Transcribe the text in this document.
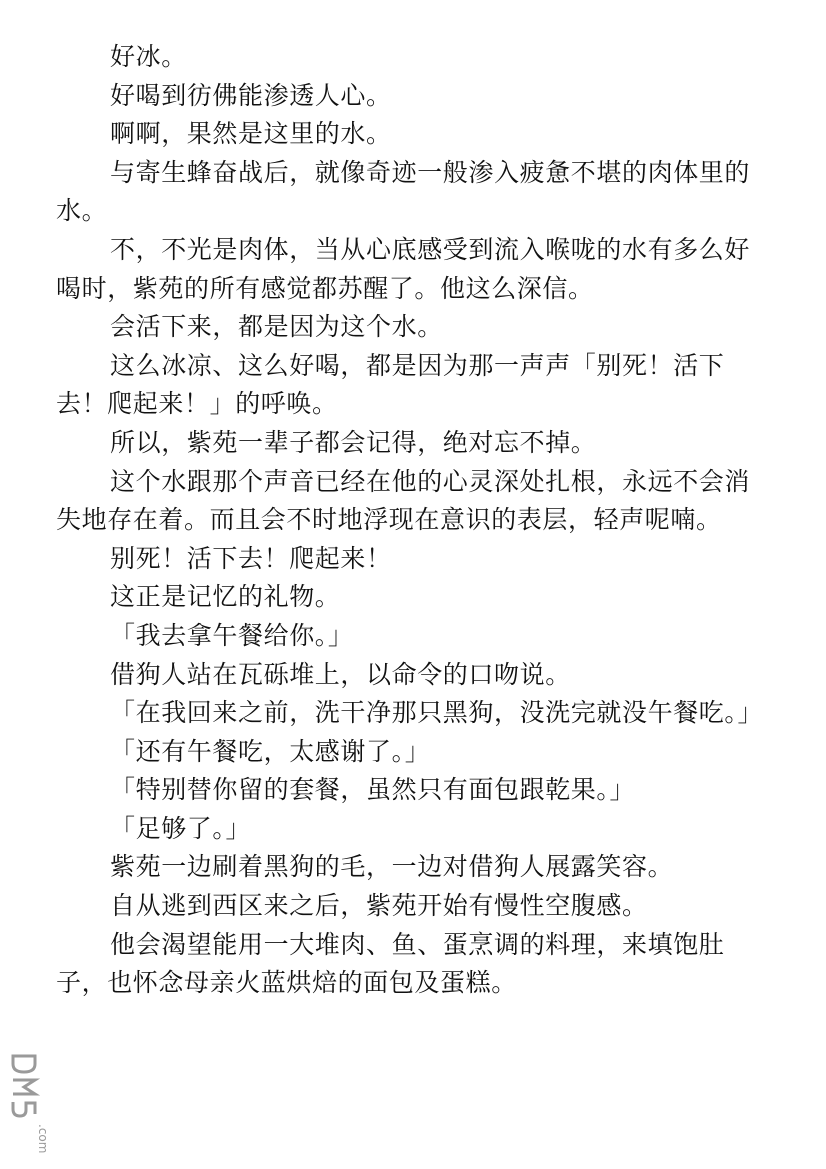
好冰。

好喝到彷佛能渗透人心。

啊啊，果然是这里的水。

与寄生蜂奋战后，就像奇迹一般渗入疲惫不堪的肉体里的水。

不，不光是肉体，当从心底感受到流入喉咙的水有多么好喝时，紫苑的所有感觉都苏醒了。他这么深信。

会活下来，都是因为这个水。

这么冰凉、这么好喝，都是因为那一声声「别死！活下去！爬起来！」的呼唤。

所以，紫苑一辈子都会记得，绝对忘不掉。

这个水跟那个声音已经在他的心灵深处扎根，永远不会消失地存在着。而且会不时地浮现在意识的表层，轻声呢喃。

别死！活下去！爬起来！

这正是记忆的礼物。

「我去拿午餐给你。」

借狗人站在瓦砾堆上，以命令的口吻说。

「在我回来之前，洗干净那只黑狗，没洗完就没午餐吃。」

「还有午餐吃，太感谢了。」

「特别替你留的套餐，虽然只有面包跟乾果。」

「足够了。」

紫苑一边刷着黑狗的毛，一边对借狗人展露笑容。

自从逃到西区来之后，紫苑开始有慢性空腹感。

他会渴望能用一大堆肉、鱼、蛋烹调的料理，来填饱肚子，也怀念母亲火蓝烘焙的面包及蛋糕。

.com
